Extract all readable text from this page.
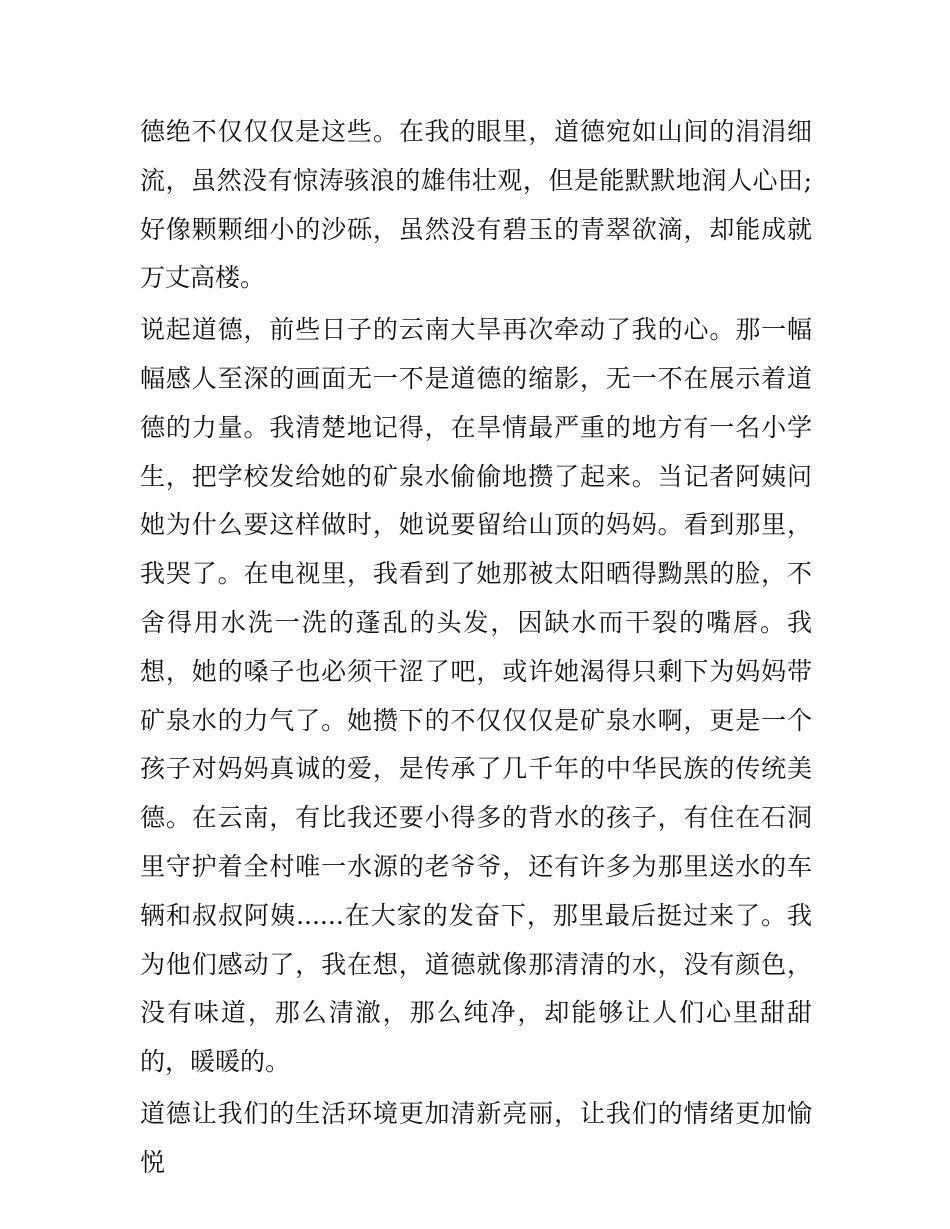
德绝不仅仅仅是这些。在我的眼里，道德宛如山间的涓涓细流，虽然没有惊涛骇浪的雄伟壮观，但是能默默地润人心田;好像颗颗细小的沙砾，虽然没有碧玉的青翠欲滴，却能成就万丈高楼。

说起道德，前些日子的云南大旱再次牵动了我的心。那一幅幅感人至深的画面无一不是道德的缩影，无一不在展示着道德的力量。我清楚地记得，在旱情最严重的地方有一名小学生，把学校发给她的矿泉水偷偷地攒了起来。当记者阿姨问她为什么要这样做时，她说要留给山顶的妈妈。看到那里，我哭了。在电视里，我看到了她那被太阳晒得黝黑的脸，不舍得用水洗一洗的蓬乱的头发，因缺水而干裂的嘴唇。我想，她的嗓子也必须干涩了吧，或许她渴得只剩下为妈妈带矿泉水的力气了。她攒下的不仅仅仅是矿泉水啊，更是一个孩子对妈妈真诚的爱，是传承了几千年的中华民族的传统美德。在云南，有比我还要小得多的背水的孩子，有住在石洞里守护着全村唯一水源的老爷爷，还有许多为那里送水的车辆和叔叔阿姨......在大家的发奋下，那里最后挺过来了。我为他们感动了，我在想，道德就像那清清的水，没有颜色，没有味道，那么清澈，那么纯净，却能够让人们心里甜甜的，暖暖的。

道德让我们的生活环境更加清新亮丽，让我们的情绪更加愉悦
